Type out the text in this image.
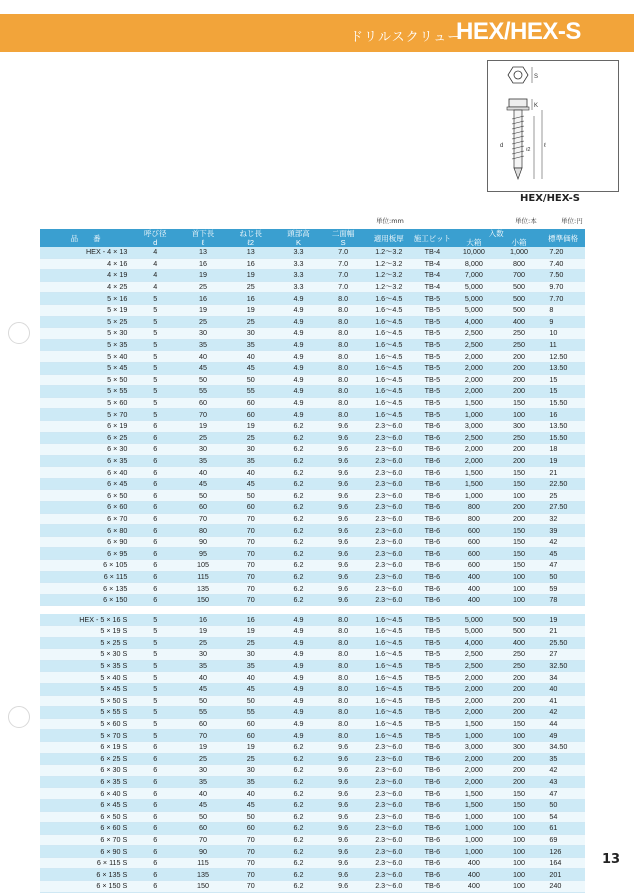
ドリルスクリュー
HEX/HEX-S
S
K
ℓ
ℓ2
d
HEX/HEX-S
単位:mm	単位:本	単位:円
品　　番	呼び径	首下長	ねじ長	頭部高	二面幅	適用板厚	施工ビット	入数		標準価格
	d	ℓ	ℓ2	K	S			大箱	小箱	
HEX - 4 × 13	4	13	13	3.3	7.0	1.2～3.2	TB-4	10,000	1,000	7.20
4 × 16	4	16	16	3.3	7.0	1.2～3.2	TB-4	8,000	800	7.40
4 × 19	4	19	19	3.3	7.0	1.2～3.2	TB-4	7,000	700	7.50
4 × 25	4	25	25	3.3	7.0	1.2～3.2	TB-4	5,000	500	9.70
5 × 16	5	16	16	4.9	8.0	1.6～4.5	TB-5	5,000	500	7.70
5 × 19	5	19	19	4.9	8.0	1.6～4.5	TB-5	5,000	500	8
5 × 25	5	25	25	4.9	8.0	1.6～4.5	TB-5	4,000	400	9
5 × 30	5	30	30	4.9	8.0	1.6～4.5	TB-5	2,500	250	10
5 × 35	5	35	35	4.9	8.0	1.6～4.5	TB-5	2,500	250	11
5 × 40	5	40	40	4.9	8.0	1.6～4.5	TB-5	2,000	200	12.50
5 × 45	5	45	45	4.9	8.0	1.6～4.5	TB-5	2,000	200	13.50
5 × 50	5	50	50	4.9	8.0	1.6～4.5	TB-5	2,000	200	15
5 × 55	5	55	55	4.9	8.0	1.6～4.5	TB-5	2,000	200	15
5 × 60	5	60	60	4.9	8.0	1.6～4.5	TB-5	1,500	150	15.50
5 × 70	5	70	60	4.9	8.0	1.6～4.5	TB-5	1,000	100	16
6 × 19	6	19	19	6.2	9.6	2.3～6.0	TB-6	3,000	300	13.50
6 × 25	6	25	25	6.2	9.6	2.3～6.0	TB-6	2,500	250	15.50
6 × 30	6	30	30	6.2	9.6	2.3～6.0	TB-6	2,000	200	18
6 × 35	6	35	35	6.2	9.6	2.3～6.0	TB-6	2,000	200	19
6 × 40	6	40	40	6.2	9.6	2.3～6.0	TB-6	1,500	150	21
6 × 45	6	45	45	6.2	9.6	2.3～6.0	TB-6	1,500	150	22.50
6 × 50	6	50	50	6.2	9.6	2.3～6.0	TB-6	1,000	100	25
6 × 60	6	60	60	6.2	9.6	2.3～6.0	TB-6	800	200	27.50
6 × 70	6	70	70	6.2	9.6	2.3～6.0	TB-6	800	200	32
6 × 80	6	80	70	6.2	9.6	2.3～6.0	TB-6	600	150	39
6 × 90	6	90	70	6.2	9.6	2.3～6.0	TB-6	600	150	42
6 × 95	6	95	70	6.2	9.6	2.3～6.0	TB-6	600	150	45
6 × 105	6	105	70	6.2	9.6	2.3～6.0	TB-6	600	150	47
6 × 115	6	115	70	6.2	9.6	2.3～6.0	TB-6	400	100	50
6 × 135	6	135	70	6.2	9.6	2.3～6.0	TB-6	400	100	59
6 × 150	6	150	70	6.2	9.6	2.3～6.0	TB-6	400	100	78

HEX - 5 × 16 S	5	16	16	4.9	8.0	1.6～4.5	TB-5	5,000	500	19
5 × 19 S	5	19	19	4.9	8.0	1.6～4.5	TB-5	5,000	500	21
5 × 25 S	5	25	25	4.9	8.0	1.6～4.5	TB-5	4,000	400	25.50
5 × 30 S	5	30	30	4.9	8.0	1.6～4.5	TB-5	2,500	250	27
5 × 35 S	5	35	35	4.9	8.0	1.6～4.5	TB-5	2,500	250	32.50
5 × 40 S	5	40	40	4.9	8.0	1.6～4.5	TB-5	2,000	200	34
5 × 45 S	5	45	45	4.9	8.0	1.6～4.5	TB-5	2,000	200	40
5 × 50 S	5	50	50	4.9	8.0	1.6～4.5	TB-5	2,000	200	41
5 × 55 S	5	55	55	4.9	8.0	1.6～4.5	TB-5	2,000	200	42
5 × 60 S	5	60	60	4.9	8.0	1.6～4.5	TB-5	1,500	150	44
5 × 70 S	5	70	60	4.9	8.0	1.6～4.5	TB-5	1,000	100	49
6 × 19 S	6	19	19	6.2	9.6	2.3～6.0	TB-6	3,000	300	34.50
6 × 25 S	6	25	25	6.2	9.6	2.3～6.0	TB-6	2,000	200	35
6 × 30 S	6	30	30	6.2	9.6	2.3～6.0	TB-6	2,000	200	42
6 × 35 S	6	35	35	6.2	9.6	2.3～6.0	TB-6	2,000	200	43
6 × 40 S	6	40	40	6.2	9.6	2.3～6.0	TB-6	1,500	150	47
6 × 45 S	6	45	45	6.2	9.6	2.3～6.0	TB-6	1,500	150	50
6 × 50 S	6	50	50	6.2	9.6	2.3～6.0	TB-6	1,000	100	54
6 × 60 S	6	60	60	6.2	9.6	2.3～6.0	TB-6	1,000	100	61
6 × 70 S	6	70	70	6.2	9.6	2.3～6.0	TB-6	1,000	100	69
6 × 90 S	6	90	70	6.2	9.6	2.3～6.0	TB-6	1,000	100	126
6 × 115 S	6	115	70	6.2	9.6	2.3～6.0	TB-6	400	100	164
6 × 135 S	6	135	70	6.2	9.6	2.3～6.0	TB-6	400	100	201
6 × 150 S	6	150	70	6.2	9.6	2.3～6.0	TB-6	400	100	240
13
